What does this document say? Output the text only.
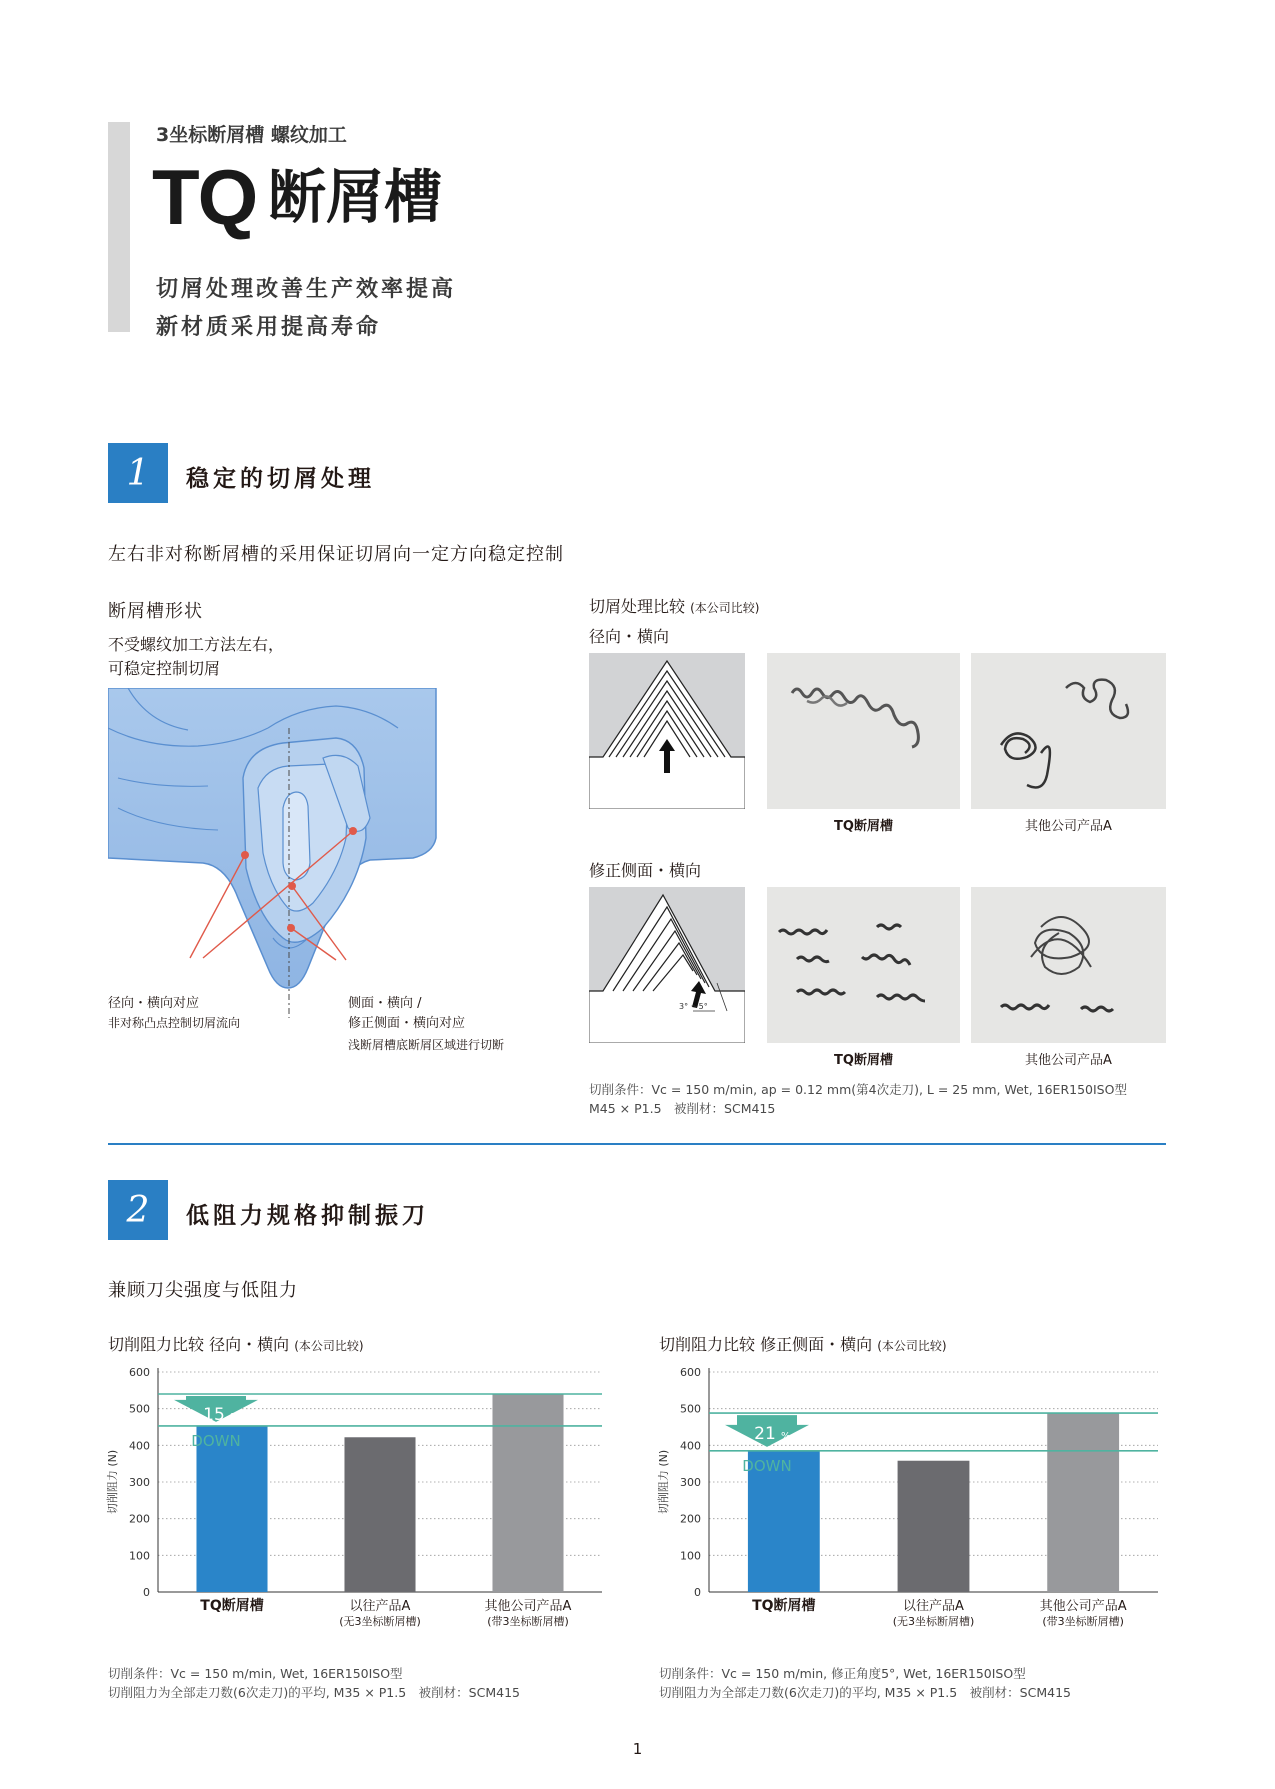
3坐标断屑槽 螺纹加工
TQ 断屑槽
切屑处理改善生产效率提高
新材质采用提高寿命
1	稳定的切屑处理
左右非对称断屑槽的采用保证切屑向一定方向稳定控制
断屑槽形状
不受螺纹加工方法左右，
可稳定控制切屑
径向・横向对应
非对称凸点控制切屑流向
侧面・横向 /
修正侧面・横向对应
浅断屑槽底断屑区域进行切断
切屑处理比较 (本公司比较)
径向・横向
TQ断屑槽	其他公司产品A
修正侧面・横向
3° 〜5°
TQ断屑槽	其他公司产品A
切削条件：Vc = 150 m/min, ap = 0.12 mm(第4次走刀), L = 25 mm, Wet, 16ER150ISO型
M45 × P1.5　被削材：SCM415
2	低阻力规格抑制振刀
兼顾刀尖强度与低阻力
切削阻力比较 径向・横向 (本公司比较)
切削阻力 (N)
0
100
200
300
400
500
600
TQ断屑槽	以往产品A
(无3坐标断屑槽)
其他公司产品A
(带3坐标断屑槽)
15 %
DOWN
切削条件：Vc = 150 m/min, Wet, 16ER150ISO型
切削阻力为全部走刀数(6次走刀)的平均, M35 × P1.5　被削材：SCM415
切削阻力比较 修正侧面・横向 (本公司比较)
切削阻力 (N)
0
100
200
300
400
500
600
TQ断屑槽	以往产品A
(无3坐标断屑槽)
其他公司产品A
(带3坐标断屑槽)
21 %
DOWN
切削条件：Vc = 150 m/min, 修正角度5°, Wet, 16ER150ISO型
切削阻力为全部走刀数(6次走刀)的平均, M35 × P1.5　被削材：SCM415
1
